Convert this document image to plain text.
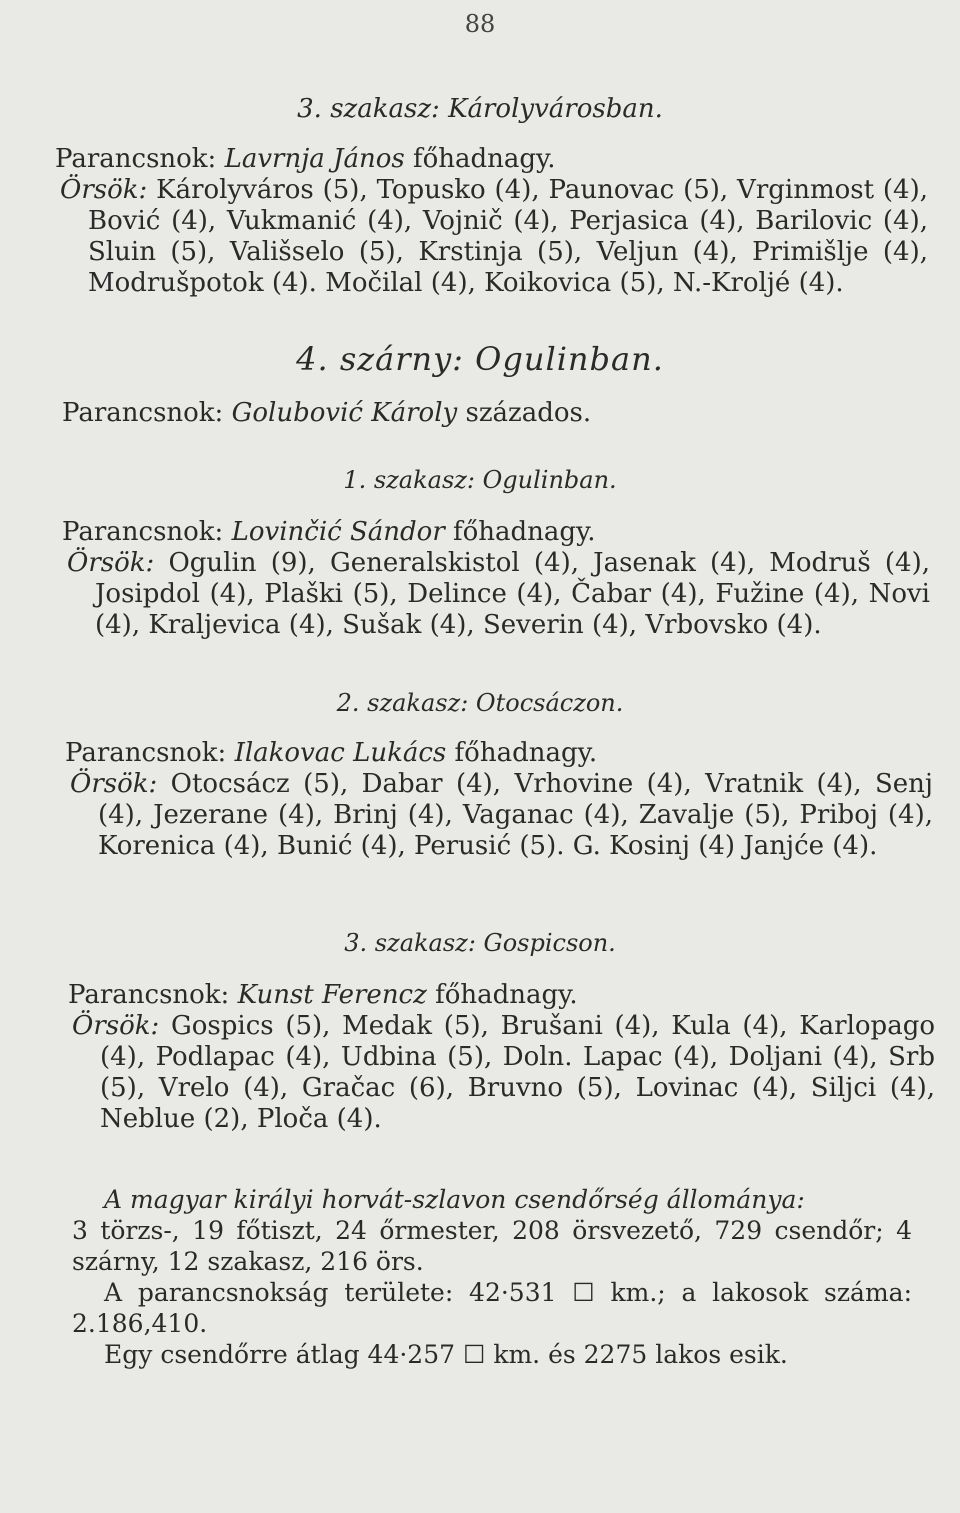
88
3. szakasz: Károlyvárosban.
Parancsnok: Lavrnja János főhadnagy.
Örsök: Károlyváros (5), Topusko (4), Paunovac (5), Vrginmost (4), Bović (4), Vukmanić (4), Vojnič (4), Perjasica (4), Barilovic (4), Sluin (5), Vališselo (5), Krstinja (5), Veljun (4), Primišlje (4), Modrušpotok (4). Močilal (4), Koikovica (5), N.-Krolјé (4).
4. szárny: Ogulinban.
Parancsnok: Golubović Károly százados.
1. szakasz: Ogulinban.
Parancsnok: Lovinčić Sándor főhadnagy.
Örsök: Ogulin (9), Generalskistol (4), Jasenak (4), Modruš (4), Josipdol (4), Plaški (5), Delince (4), Čabar (4), Fužine (4), Novi (4), Kraljevica (4), Sušak (4), Severin (4), Vrbovsko (4).
2. szakasz: Otocsáczon.
Parancsnok: Ilakovac Lukács főhadnagy.
Örsök: Otocsácz (5), Dabar (4), Vrhovine (4), Vratnik (4), Senj (4), Jezerane (4), Brinj (4), Vaganac (4), Zavalje (5), Priboj (4), Korenica (4), Bunić (4), Perusić (5). G. Kosinj (4) Janjće (4).
3. szakasz: Gospicson.
Parancsnok: Kunst Ferencz főhadnagy.
Örsök: Gospics (5), Medak (5), Brušani (4), Kula (4), Karlopago (4), Podlapac (4), Udbina (5), Doln. Lapac (4), Doljani (4), Srb (5), Vrelo (4), Gračac (6), Bruvno (5), Lovinac (4), Siljci (4), Neblue (2), Ploča (4).

A magyar királyi horvát-szlavon csendőrség állománya:

3 törzs-, 19 főtiszt, 24 őrmester, 208 örsvezető, 729 csendőr; 4 szárny, 12 szakasz, 216 örs.

A parancsnokság területe: 42·531 ☐ km.; a lakosok száma: 2.186,410.

Egy csendőrre átlag 44·257 ☐ km. és 2275 lakos esik.
